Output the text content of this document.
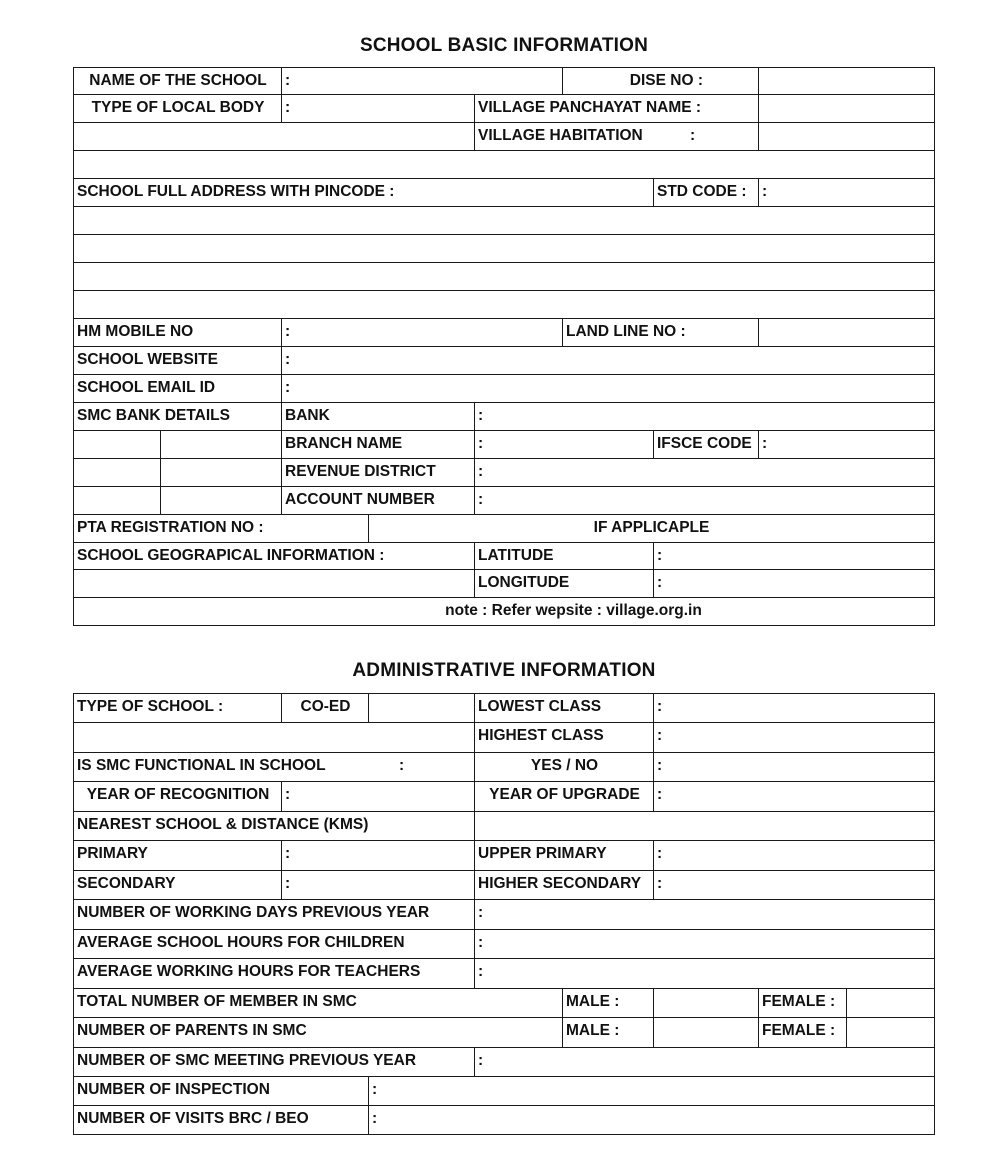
SCHOOL BASIC INFORMATION
NAME OF THE SCHOOL	:	DISE NO :
TYPE OF LOCAL BODY	:	VILLAGE PANCHAYAT NAME :
VILLAGE HABITATION	:
SCHOOL FULL ADDRESS WITH PINCODE :	STD CODE : :
HM MOBILE NO	:	LAND LINE NO :
SCHOOL WEBSITE	:
SCHOOL EMAIL ID	:
SMC BANK DETAILS	BANK	:
BRANCH NAME	:	IFSCE CODE :
REVENUE DISTRICT	:
ACCOUNT NUMBER	:
PTA REGISTRATION NO :	IF APPLICAPLE
SCHOOL GEOGRAPICAL INFORMATION :	LATITUDE	:
LONGITUDE	:
note : Refer wepsite : village.org.in
ADMINISTRATIVE INFORMATION
TYPE OF SCHOOL :	CO-ED	LOWEST CLASS	:
HIGHEST CLASS	:
IS SMC FUNCTIONAL IN SCHOOL	:	YES / NO	:
YEAR OF RECOGNITION	:	YEAR OF UPGRADE	:
NEAREST SCHOOL & DISTANCE (KMS)
PRIMARY	:	UPPER PRIMARY	:
SECONDARY	:	HIGHER SECONDARY	:
NUMBER OF WORKING DAYS PREVIOUS YEAR	:
AVERAGE SCHOOL HOURS FOR CHILDREN	:
AVERAGE WORKING HOURS FOR TEACHERS	:
TOTAL NUMBER OF MEMBER IN SMC	MALE :	FEMALE :
NUMBER OF PARENTS IN SMC	MALE :	FEMALE :
NUMBER OF SMC MEETING PREVIOUS YEAR	:
NUMBER OF INSPECTION	:
NUMBER OF VISITS BRC / BEO	:
